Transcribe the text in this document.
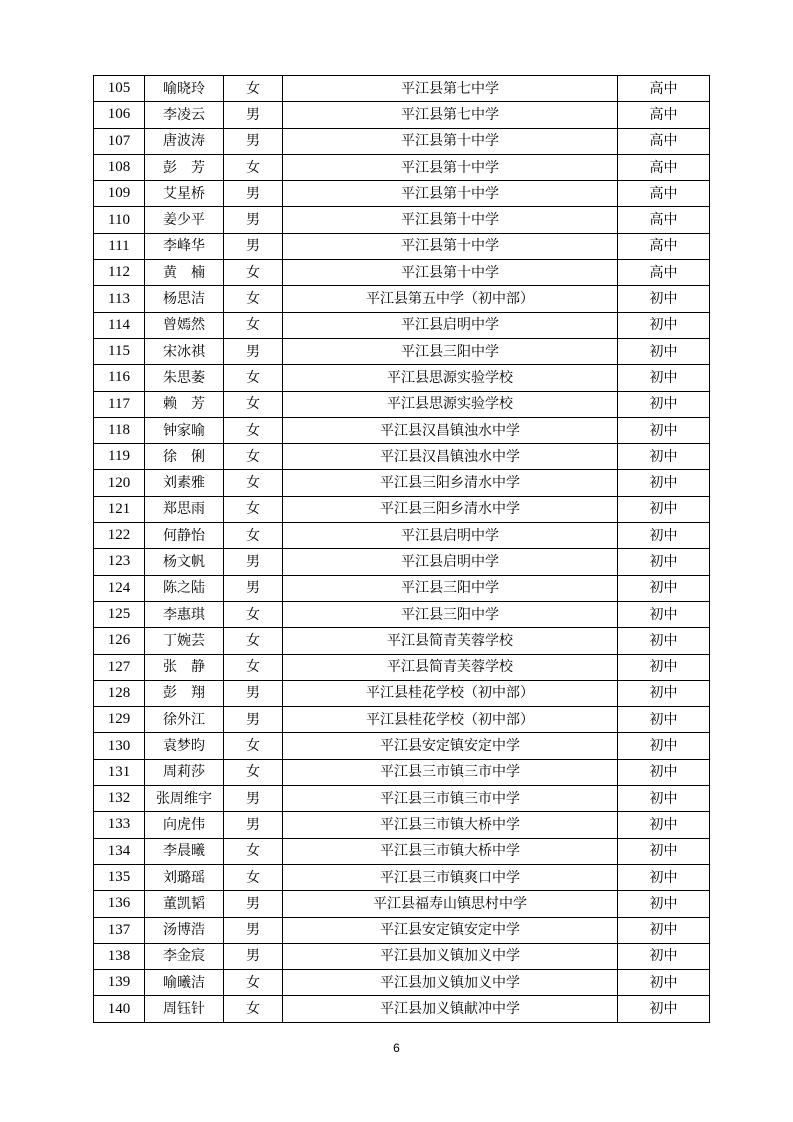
105	喻晓玲	女	平江县第七中学	高中
106	李凌云	男	平江县第七中学	高中
107	唐波涛	男	平江县第十中学	高中
108	彭　芳	女	平江县第十中学	高中
109	艾星桥	男	平江县第十中学	高中
110	姜少平	男	平江县第十中学	高中
111	李峰华	男	平江县第十中学	高中
112	黄　楠	女	平江县第十中学	高中
113	杨思洁	女	平江县第五中学（初中部）	初中
114	曾嫣然	女	平江县启明中学	初中
115	宋冰祺	男	平江县三阳中学	初中
116	朱思萎	女	平江县思源实验学校	初中
117	赖　芳	女	平江县思源实验学校	初中
118	钟家喻	女	平江县汉昌镇浊水中学	初中
119	徐　俐	女	平江县汉昌镇浊水中学	初中
120	刘素雅	女	平江县三阳乡清水中学	初中
121	郑思雨	女	平江县三阳乡清水中学	初中
122	何静怡	女	平江县启明中学	初中
123	杨文帆	男	平江县启明中学	初中
124	陈之陆	男	平江县三阳中学	初中
125	李惠琪	女	平江县三阳中学	初中
126	丁婉芸	女	平江县简青芙蓉学校	初中
127	张　静	女	平江县简青芙蓉学校	初中
128	彭　翔	男	平江县桂花学校（初中部）	初中
129	徐外江	男	平江县桂花学校（初中部）	初中
130	袁梦昀	女	平江县安定镇安定中学	初中
131	周莉莎	女	平江县三市镇三市中学	初中
132	张周维宇	男	平江县三市镇三市中学	初中
133	向虎伟	男	平江县三市镇大桥中学	初中
134	李晨曦	女	平江县三市镇大桥中学	初中
135	刘璐瑶	女	平江县三市镇爽口中学	初中
136	董凯韬	男	平江县福寿山镇思村中学	初中
137	汤博浩	男	平江县安定镇安定中学	初中
138	李金宸	男	平江县加义镇加义中学	初中
139	喻曦洁	女	平江县加义镇加义中学	初中
140	周钰针	女	平江县加义镇献冲中学	初中
6
